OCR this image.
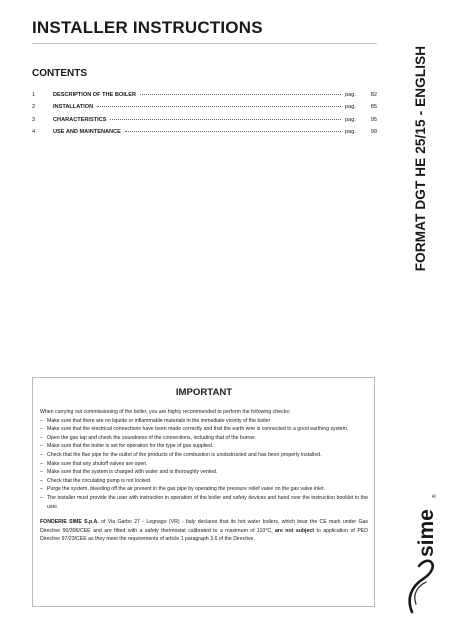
INSTALLER INSTRUCTIONS
CONTENTS
1	DESCRIPTION OF THE BOILER	pag.	82
2	INSTALLATION	pag.	85
3	CHARACTERISTICS	pag.	95
4	USE AND MAINTENANCE	pag.	99	FORMAT DGT HE 25/15 - ENGLISH
IMPORTANT

When carrying out commissioning of the boiler, you are highly recommended to perform the following checks:

– Make sure that there are no liquide or inflammable materials in the immediate vicinity of the boiler
– Make sure that the electrical connections have been made correctly and that the earth wire is connected to a good earthing system.
– Open the gas tap and check the soundness of the connections, including that of the burner.
– Make sure that the boiler is set for operation for the type of gas supplied.
– Check that the flue pipe for the outlet of the products of the combustion is unobstructed and has been properly installed.
– Make sure that any shutoff valves are open.
– Make sure that the system is charged with water and is thoroughly vented.
– Check that the circulating pump is not locked.
– Purge the system, bleeding off the air present in the gas pipe by operating the pressure relief valve on the gas valve inlet.
– The installer must provide the user with instruction in operation of the boiler and safety devices and hand over the instruction booklet to the user.

FONDERIE SIME S.p.A. of Via Garbo 27 - Legnago (VR) - Italy declares that its hot water boilers, which bear the CE mark under Gas Directive 90/396/CEE and are fitted with a safety thermostat calibrated to a maximum of 110°C, are not subject to application of PED Directive 97/23/CEE as they meet the requirements of article 1 paragraph 3.6 of the Directive.	sime
®
